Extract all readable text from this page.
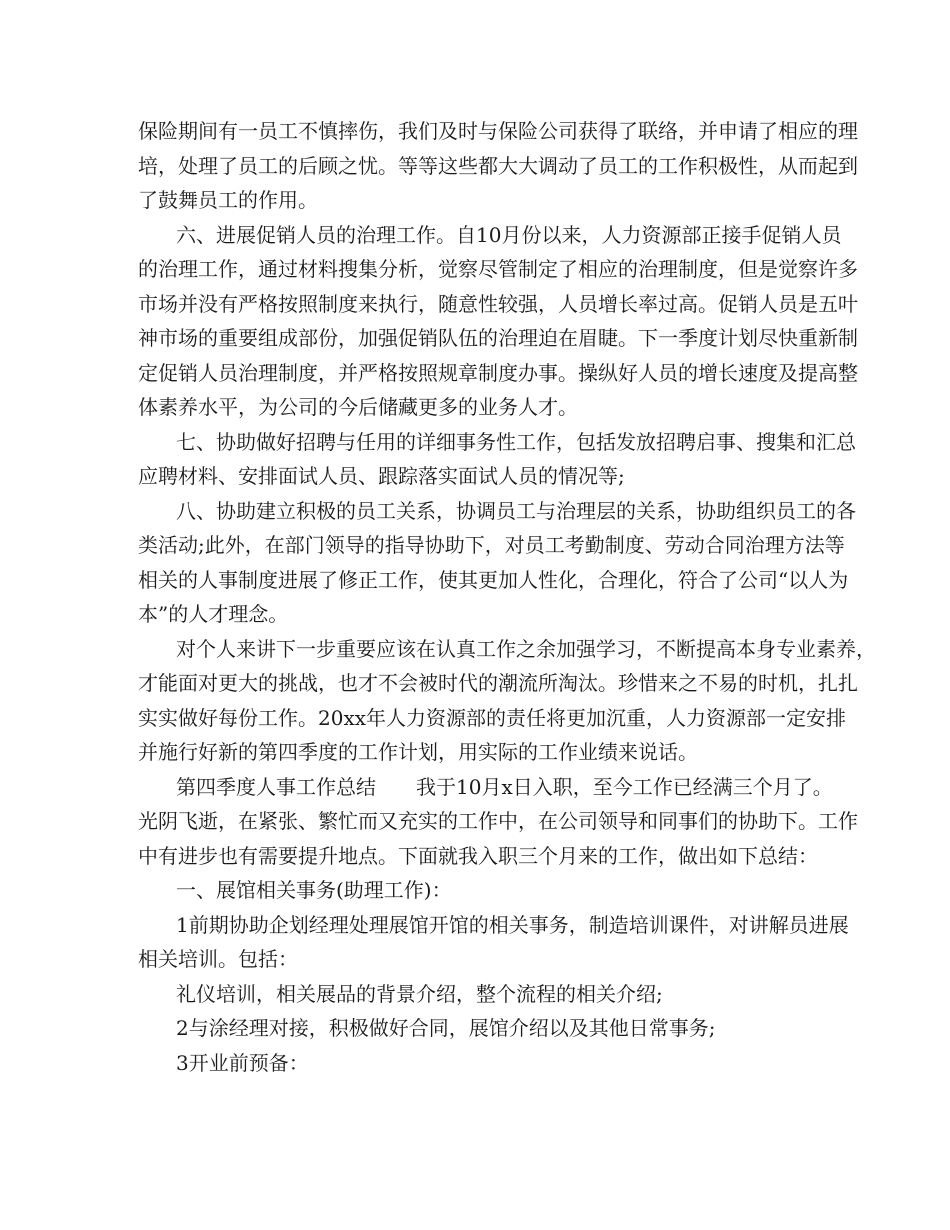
保险期间有一员工不慎摔伤，我们及时与保险公司获得了联络，并申请了相应的理
培，处理了员工的后顾之忧。等等这些都大大调动了员工的工作积极性，从而起到
了鼓舞员工的作用。
六、进展促销人员的治理工作。自10月份以来，人力资源部正接手促销人员
的治理工作，通过材料搜集分析，觉察尽管制定了相应的治理制度，但是觉察许多
市场并没有严格按照制度来执行，随意性较强，人员增长率过高。促销人员是五叶
神市场的重要组成部份，加强促销队伍的治理迫在眉睫。下一季度计划尽快重新制
定促销人员治理制度，并严格按照规章制度办事。操纵好人员的增长速度及提高整
体素养水平，为公司的今后储藏更多的业务人才。
七、协助做好招聘与任用的详细事务性工作，包括发放招聘启事、搜集和汇总
应聘材料、安排面试人员、跟踪落实面试人员的情况等;
八、协助建立积极的员工关系，协调员工与治理层的关系，协助组织员工的各
类活动;此外，在部门领导的指导协助下，对员工考勤制度、劳动合同治理方法等
相关的人事制度进展了修正工作，使其更加人性化，合理化，符合了公司“以人为
本”的人才理念。
对个人来讲下一步重要应该在认真工作之余加强学习，不断提高本身专业素养，
才能面对更大的挑战，也才不会被时代的潮流所淘汰。珍惜来之不易的时机，扎扎
实实做好每份工作。20xx年人力资源部的责任将更加沉重，人力资源部一定安排
并施行好新的第四季度的工作计划，用实际的工作业绩来说话。
第四季度人事工作总结　　我于10月x日入职，至今工作已经满三个月了。
光阴飞逝，在紧张、繁忙而又充实的工作中，在公司领导和同事们的协助下。工作
中有进步也有需要提升地点。下面就我入职三个月来的工作，做出如下总结：
一、展馆相关事务(助理工作)：
1前期协助企划经理处理展馆开馆的相关事务，制造培训课件，对讲解员进展
相关培训。包括：
礼仪培训，相关展品的背景介绍，整个流程的相关介绍;
2与涂经理对接，积极做好合同，展馆介绍以及其他日常事务;
3开业前预备：
